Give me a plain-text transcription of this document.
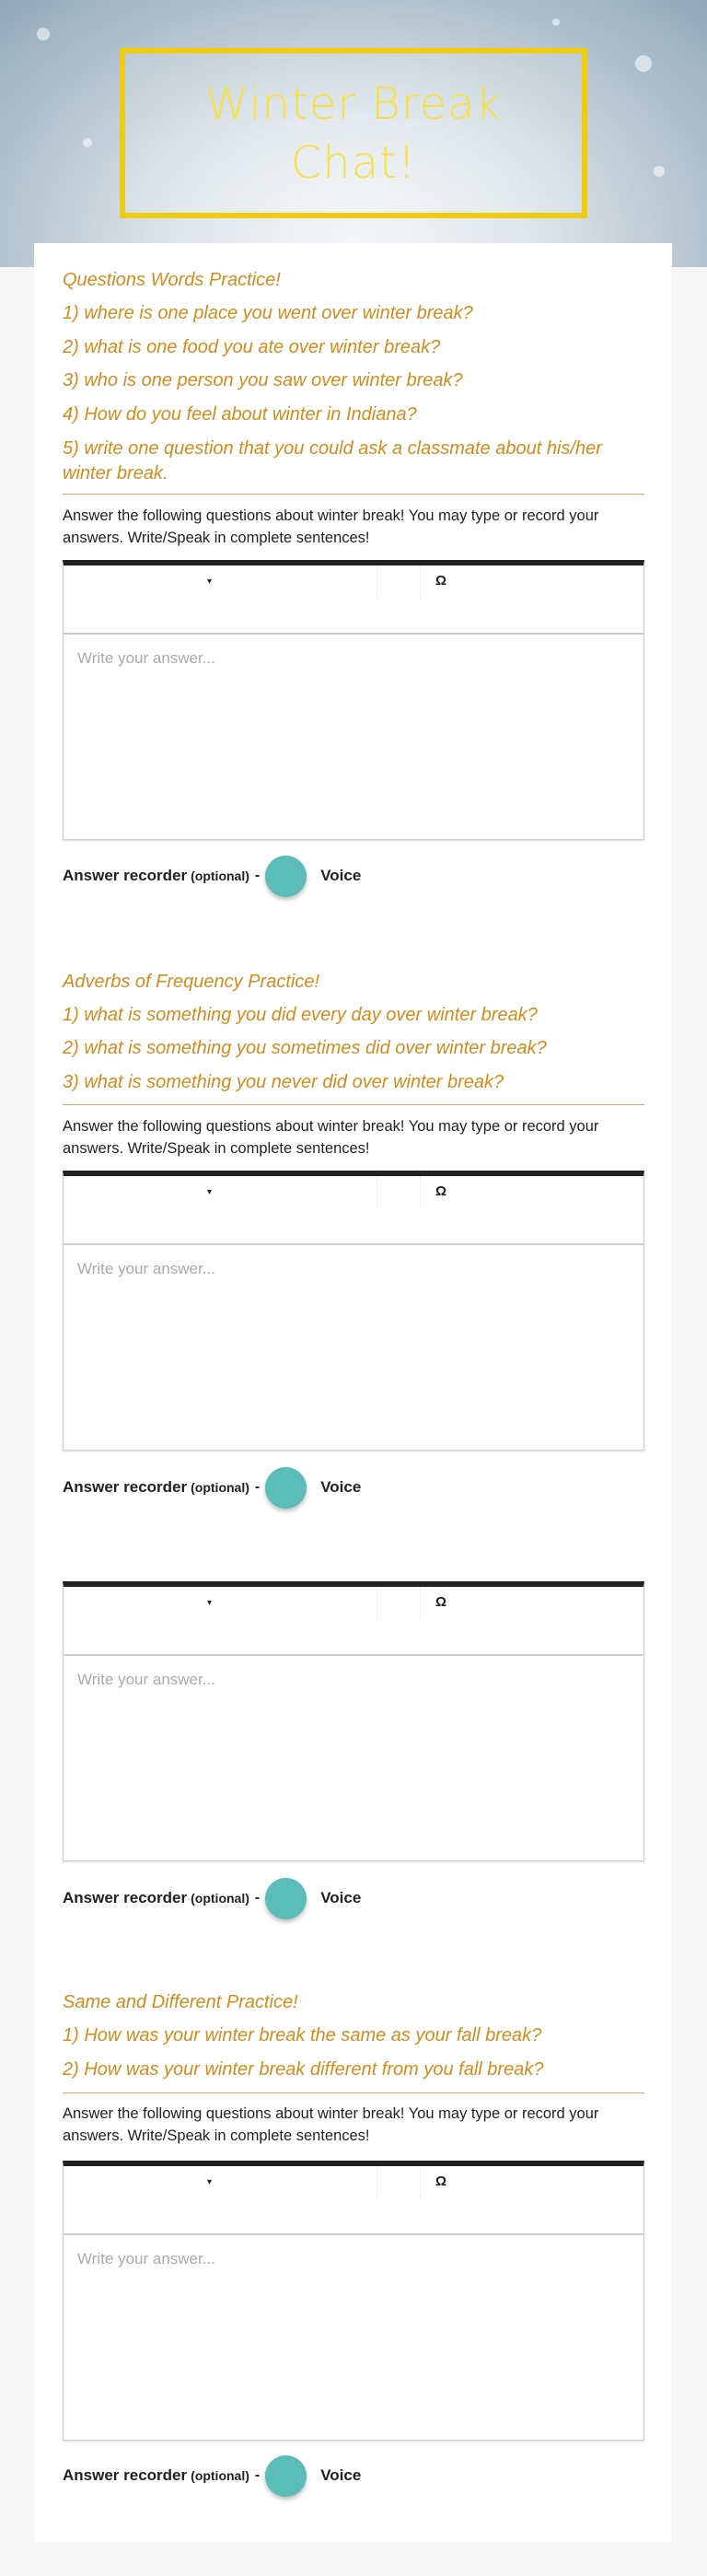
Winter Break Chat!
Questions Words Practice!
1) where is one place you went over winter break?
2) what is one food you ate over winter break?
3) who is one person you saw over winter break?
4) How do you feel about winter in Indiana?
5) write one question that you could ask a classmate about his/her winter break.
Answer the following questions about winter break! You may type or record your answers. Write/Speak in complete sentences!
▾	Ω
Write your answer...
Answer recorder (optional) -	Voice
Adverbs of Frequency Practice!
1) what is something you did every day over winter break?
2) what is something you sometimes did over winter break?
3) what is something you never did over winter break?
Answer the following questions about winter break! You may type or record your answers. Write/Speak in complete sentences!
▾	Ω
Write your answer...
Answer recorder (optional) -	Voice
▾	Ω
Write your answer...
Answer recorder (optional) -	Voice
Same and Different Practice!
1) How was your winter break the same as your fall break?
2) How was your winter break different from you fall break?
Answer the following questions about winter break! You may type or record your answers. Write/Speak in complete sentences!
▾	Ω
Write your answer...
Answer recorder (optional) -	Voice
